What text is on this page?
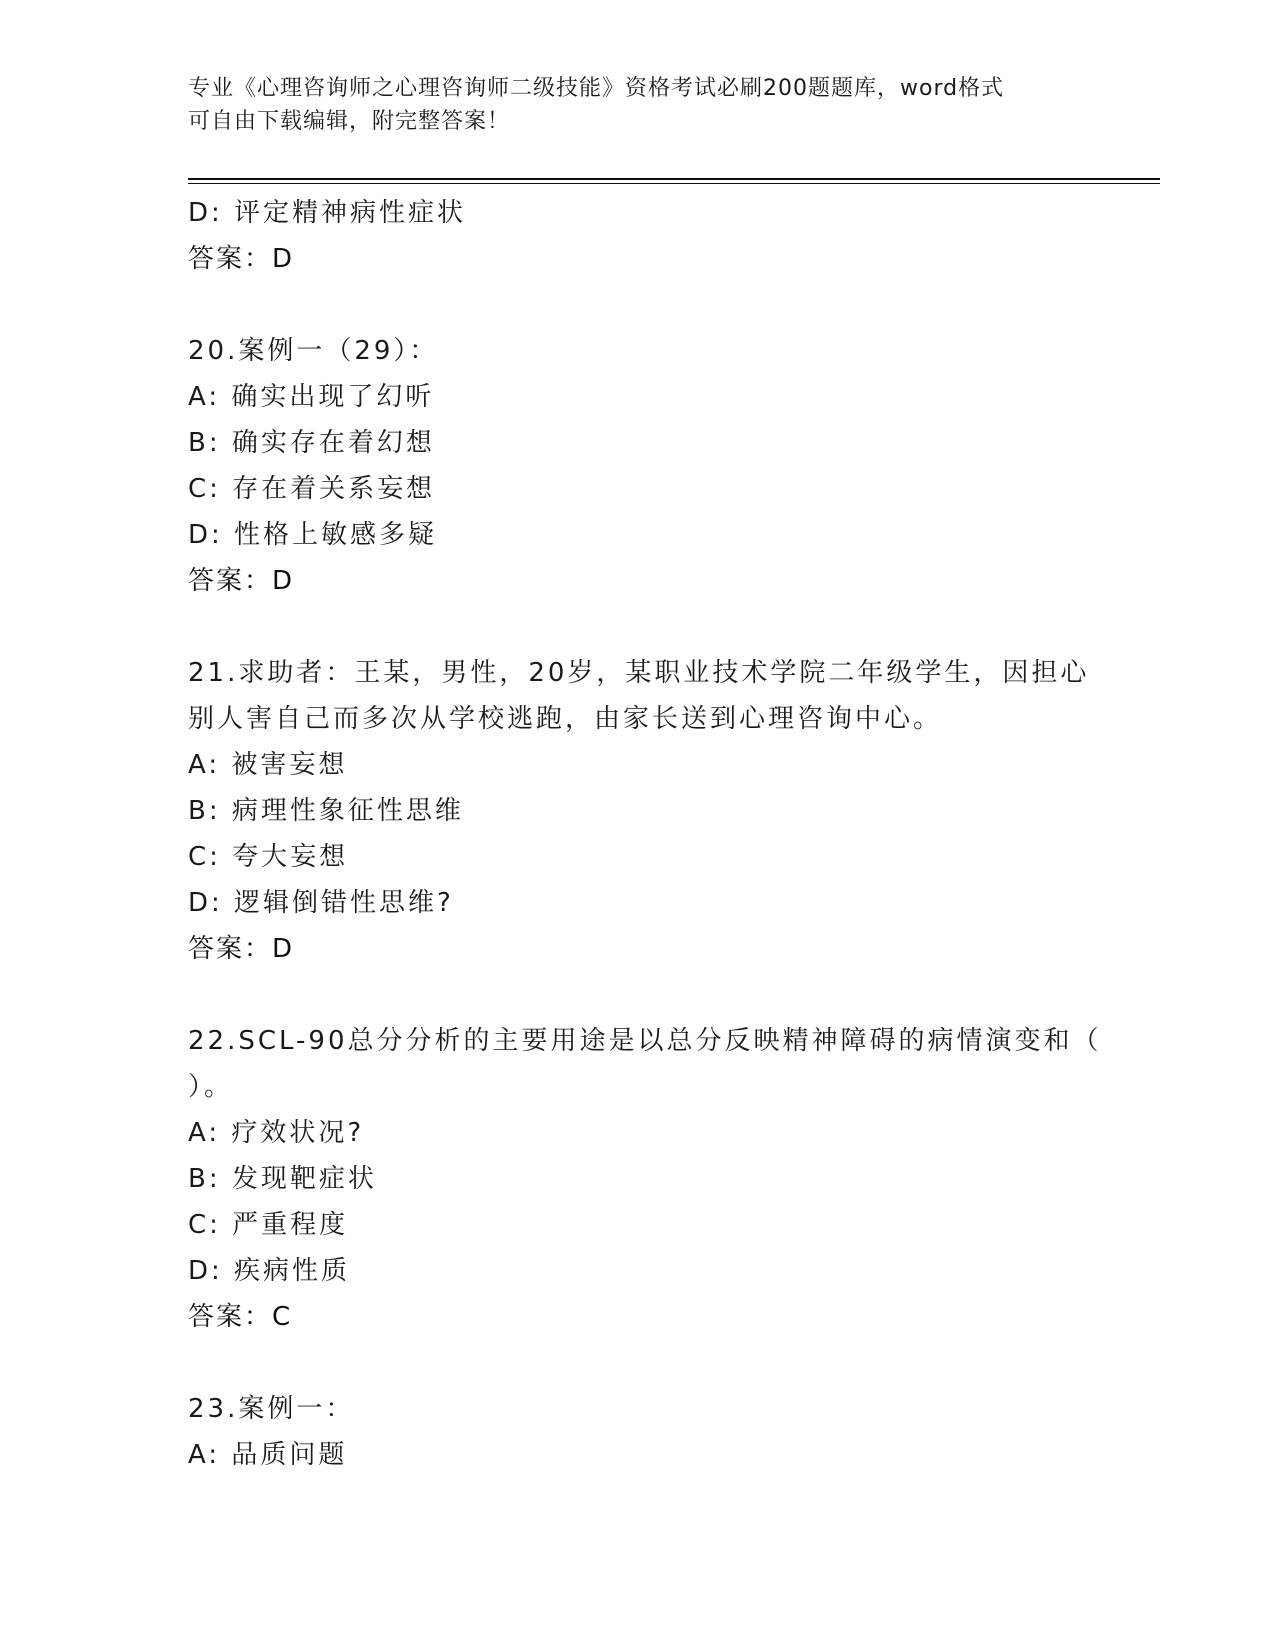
专业《心理咨询师之心理咨询师二级技能》资格考试必刷200题题库，word格式
可自由下载编辑，附完整答案！
D: 评定精神病性症状
答案：D
20.案例一（29）：
A: 确实出现了幻听
B: 确实存在着幻想
C: 存在着关系妄想
D: 性格上敏感多疑
答案：D
21.求助者：王某，男性，20岁，某职业技术学院二年级学生，因担心
别人害自己而多次从学校逃跑，由家长送到心理咨询中心。
A: 被害妄想
B: 病理性象征性思维
C: 夸大妄想
D: 逻辑倒错性思维?
答案：D
22.SCL-90总分分析的主要用途是以总分反映精神障碍的病情演变和（
）。
A: 疗效状况?
B: 发现靶症状
C: 严重程度
D: 疾病性质
答案：C
23.案例一：
A: 品质问题
